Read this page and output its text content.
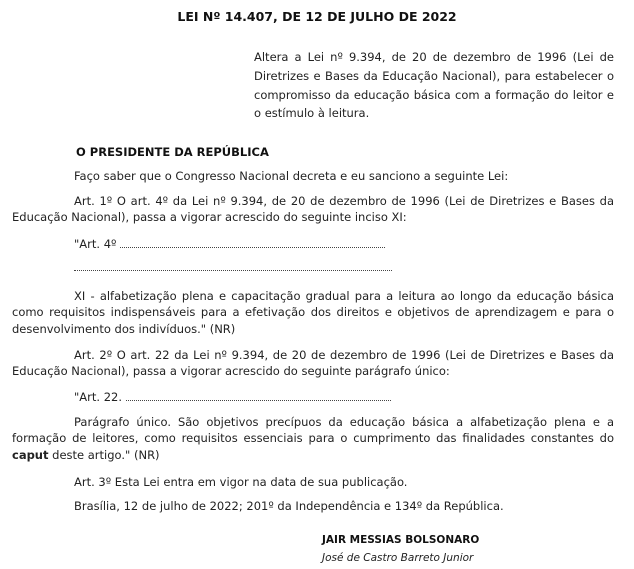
LEI Nº 14.407, DE 12 DE JULHO DE 2022
Altera a Lei nº 9.394, de 20 de dezembro de 1996 (Lei de Diretrizes e Bases da Educação Nacional), para estabelecer o compromisso da educação básica com a formação do leitor e o estímulo à leitura.
O PRESIDENTE DA REPÚBLICA
Faço saber que o Congresso Nacional decreta e eu sanciono a seguinte Lei:
Art. 1º O art. 4º da Lei nº 9.394, de 20 de dezembro de 1996 (Lei de Diretrizes e Bases da Educação Nacional), passa a vigorar acrescido do seguinte inciso XI:
"Art. 4º
XI - alfabetização plena e capacitação gradual para a leitura ao longo da educação básica como requisitos indispensáveis para a efetivação dos direitos e objetivos de aprendizagem e para o desenvolvimento dos indivíduos." (NR)
Art. 2º O art. 22 da Lei nº 9.394, de 20 de dezembro de 1996 (Lei de Diretrizes e Bases da Educação Nacional), passa a vigorar acrescido do seguinte parágrafo único:
"Art. 22.
Parágrafo único. São objetivos precípuos da educação básica a alfabetização plena e a formação de leitores, como requisitos essenciais para o cumprimento das finalidades constantes do caput deste artigo." (NR)
Art. 3º Esta Lei entra em vigor na data de sua publicação.
Brasília, 12 de julho de 2022; 201º da Independência e 134º da República.
JAIR MESSIAS BOLSONARO
José de Castro Barreto Junior
